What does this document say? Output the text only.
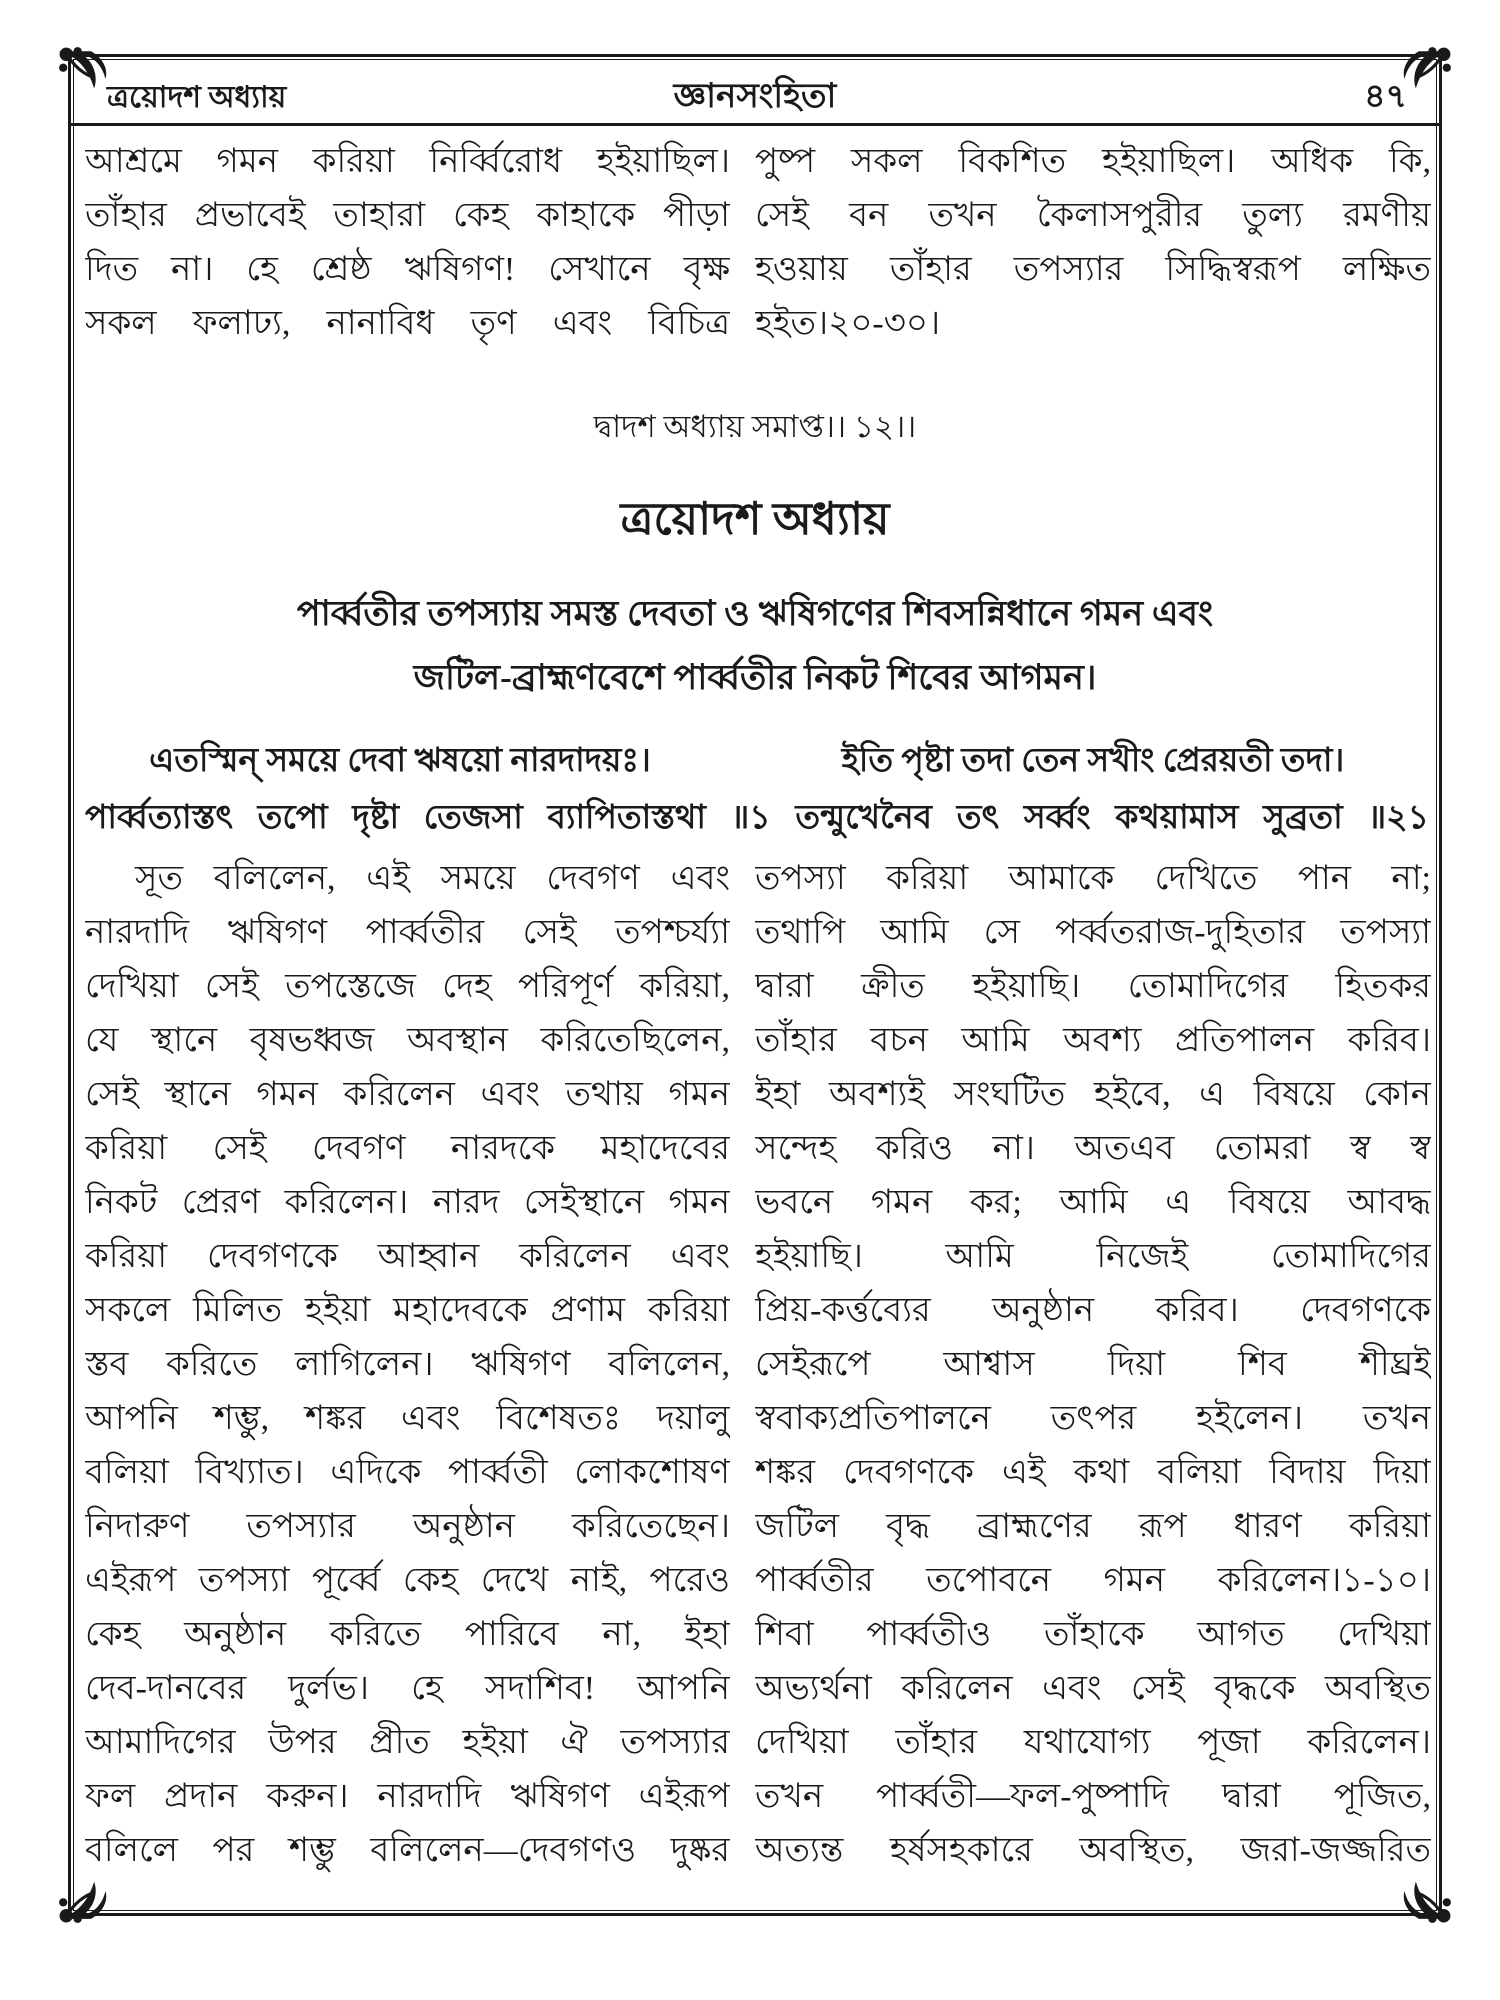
ত্রয়োদশ অধ্যায়	জ্ঞানসংহিতা	৪৭
আশ্রমে গমন করিয়া নির্ব্বিরোধ হইয়াছিল।
তাঁহার প্রভাবেই তাহারা কেহ কাহাকে পীড়া
দিত না। হে শ্রেষ্ঠ ঋষিগণ! সেখানে বৃক্ষ
সকল ফলাঢ্য, নানাবিধ তৃণ এবং বিচিত্র
পুষ্প সকল বিকশিত হইয়াছিল। অধিক কি,
সেই বন তখন কৈলাসপুরীর তুল্য রমণীয়
হওয়ায় তাঁহার তপস্যার সিদ্ধিস্বরূপ লক্ষিত
হইত।২০-৩০।
দ্বাদশ অধ্যায় সমাপ্ত।। ১২।।
ত্রয়োদশ অধ্যায়
পার্ব্বতীর তপস্যায় সমস্ত দেবতা ও ঋষিগণের শিবসন্নিধানে গমন এবং
জটিল-ব্রাহ্মণবেশে পার্ব্বতীর নিকট শিবের আগমন।
এতস্মিন্ সময়ে দেবা ঋষয়ো নারদাদয়ঃ।	ইতি পৃষ্টা তদা তেন সখীং প্রেরয়তী তদা।
পার্ব্বত্যাস্তৎ তপো দৃষ্টা তেজসা ব্যাপিতাস্তথা ॥১ তন্মুখেনৈব তৎ সর্ব্বং কথয়ামাস সুব্রতা ॥২১
সূত বলিলেন, এই সময়ে দেবগণ এবং
নারদাদি ঋষিগণ পার্ব্বতীর সেই তপশ্চর্য্যা
দেখিয়া সেই তপস্তেজে দেহ পরিপূর্ণ করিয়া,
যে স্থানে বৃষভধ্বজ অবস্থান করিতেছিলেন,
সেই স্থানে গমন করিলেন এবং তথায় গমন
করিয়া সেই দেবগণ নারদকে মহাদেবের
নিকট প্রেরণ করিলেন। নারদ সেইস্থানে গমন
করিয়া দেবগণকে আহ্বান করিলেন এবং
সকলে মিলিত হইয়া মহাদেবকে প্রণাম করিয়া
স্তব করিতে লাগিলেন। ঋষিগণ বলিলেন,
আপনি শম্ভু, শঙ্কর এবং বিশেষতঃ দয়ালু
বলিয়া বিখ্যাত। এদিকে পার্ব্বতী লোকশোষণ
নিদারুণ তপস্যার অনুষ্ঠান করিতেছেন।
এইরূপ তপস্যা পূর্ব্বে কেহ দেখে নাই, পরেও
কেহ অনুষ্ঠান করিতে পারিবে না, ইহা
দেব-দানবের দুর্লভ। হে সদাশিব! আপনি
আমাদিগের উপর প্রীত হইয়া ঐ তপস্যার
ফল প্রদান করুন। নারদাদি ঋষিগণ এইরূপ
বলিলে পর শম্ভু বলিলেন—দেবগণও দুষ্কর
তপস্যা করিয়া আমাকে দেখিতে পান না;
তথাপি আমি সে পর্ব্বতরাজ-দুহিতার তপস্যা
দ্বারা ক্রীত হইয়াছি। তোমাদিগের হিতকর
তাঁহার বচন আমি অবশ্য প্রতিপালন করিব।
ইহা অবশ্যই সংঘটিত হইবে, এ বিষয়ে কোন
সন্দেহ করিও না। অতএব তোমরা স্ব স্ব
ভবনে গমন কর; আমি এ বিষয়ে আবদ্ধ
হইয়াছি। আমি নিজেই তোমাদিগের
প্রিয়-কর্ত্তব্যের অনুষ্ঠান করিব। দেবগণকে
সেইরূপে আশ্বাস দিয়া শিব শীঘ্রই
স্ববাক্যপ্রতিপালনে তৎপর হইলেন। তখন
শঙ্কর দেবগণকে এই কথা বলিয়া বিদায় দিয়া
জটিল বৃদ্ধ ব্রাহ্মণের রূপ ধারণ করিয়া
পার্ব্বতীর তপোবনে গমন করিলেন।১-১০।
শিবা পার্ব্বতীও তাঁহাকে আগত দেখিয়া
অভ্যর্থনা করিলেন এবং সেই বৃদ্ধকে অবস্থিত
দেখিয়া তাঁহার যথাযোগ্য পূজা করিলেন।
তখন পার্ব্বতী—ফল-পুষ্পাদি দ্বারা পূজিত,
অত্যন্ত হর্ষসহকারে অবস্থিত, জরা-জজ্জরিত
